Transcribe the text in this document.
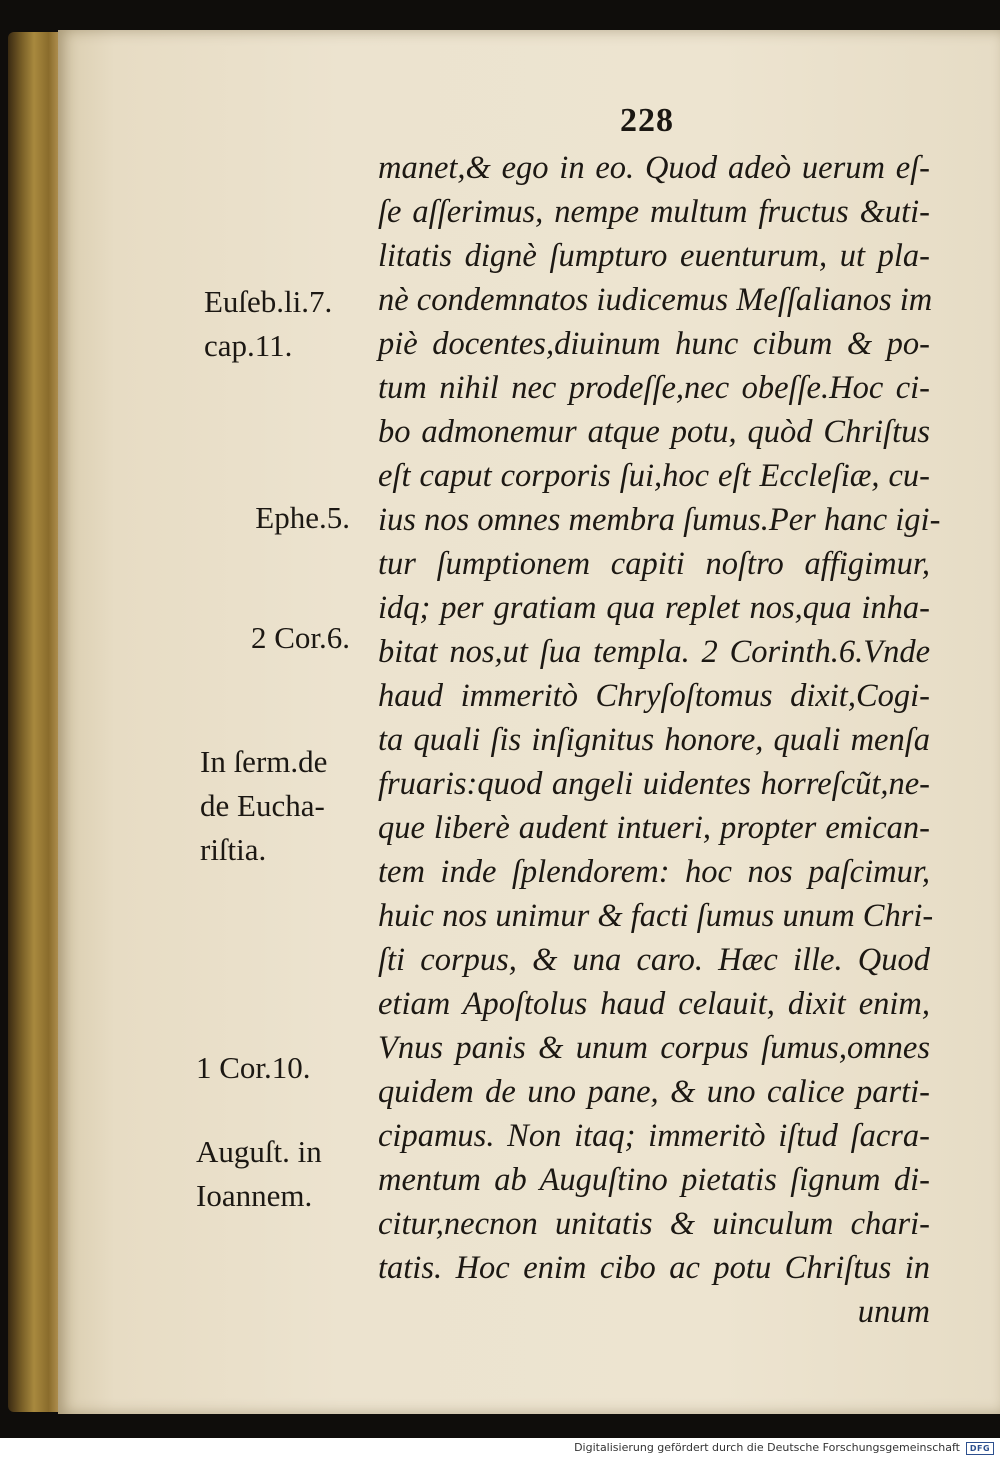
228
manet,& ego in eo. Quod adeò uerum eſ-
ſe aſſerimus, nempe multum fructus &uti-
litatis dignè ſumpturo euenturum, ut pla-
nè condemnatos iudicemus Meſſalianos im
piè docentes,diuinum hunc cibum & po-
tum nihil nec prodeſſe,nec obeſſe.Hoc ci-
bo admonemur atque potu, quòd Chriſtus
eſt caput corporis ſui,hoc eſt Eccleſiæ, cu-
ius nos omnes membra ſumus.Per hanc igi-
tur ſumptionem capiti noſtro affigimur,
idq; per gratiam qua replet nos,qua inha-
bitat nos,ut ſua templa. 2 Corinth.6.Vnde
haud immeritò Chryſoſtomus dixit,Cogi-
ta quali ſis inſignitus honore, quali menſa
fruaris:quod angeli uidentes horreſcũt,ne-
que liberè audent intueri, propter emican-
tem inde ſplendorem: hoc nos paſcimur,
huic nos unimur & facti ſumus unum Chri-
ſti corpus, & una caro. Hæc ille. Quod
etiam Apoſtolus haud celauit, dixit enim,
Vnus panis & unum corpus ſumus,omnes
quidem de uno pane, & uno calice parti-
cipamus. Non itaq; immeritò iſtud ſacra-
mentum ab Auguſtino pietatis ſignum di-
citur,necnon unitatis & uinculum chari-
tatis. Hoc enim cibo ac potu Chriſtus in
unum
Euſeb.li.7.
cap.11.
Ephe.5.
2 Cor.6.
In ſerm.de
de Eucha-
riſtia.
1 Cor.10.
Auguſt. in
Ioannem.
Digitalisierung gefördert durch die Deutsche Forschungsgemeinschaft DFG
